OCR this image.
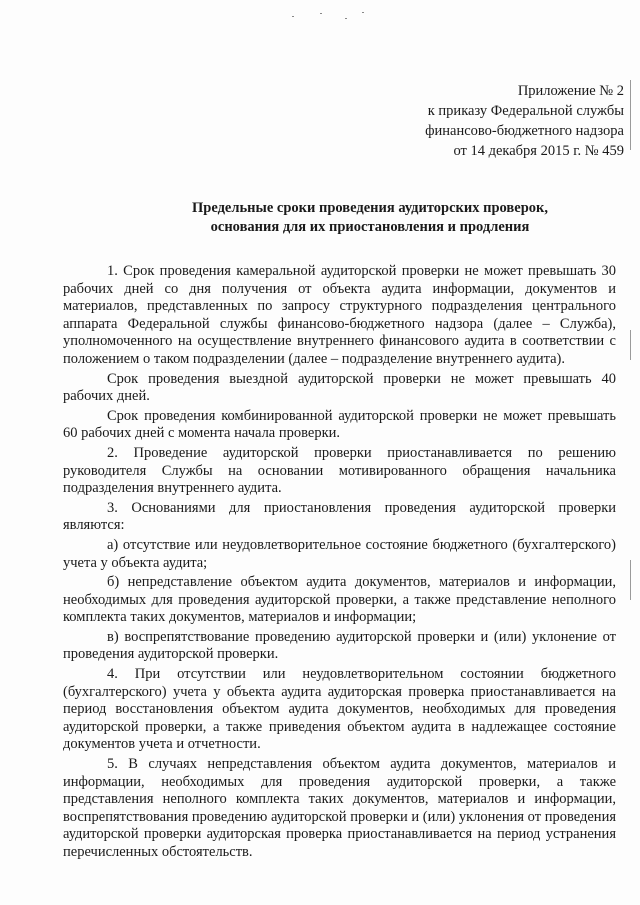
Приложение № 2
к приказу Федеральной службы
финансово-бюджетного надзора
от 14 декабря 2015 г. № 459
Предельные сроки проведения аудиторских проверок,
основания для их приостановления и продления

1. Срок проведения камеральной аудиторской проверки не может превышать 30 рабочих дней со дня получения от объекта аудита информации, документов и материалов, представленных по запросу структурного подразделения центрального аппарата Федеральной службы финансово-бюджетного надзора (далее – Служба), уполномоченного на осуществление внутреннего финансового аудита в соответствии с положением о таком подразделении (далее – подразделение внутреннего аудита).

Срок проведения выездной аудиторской проверки не может превышать 40 рабочих дней.

Срок проведения комбинированной аудиторской проверки не может превышать 60 рабочих дней с момента начала проверки.

2. Проведение аудиторской проверки приостанавливается по решению руководителя Службы на основании мотивированного обращения начальника подразделения внутреннего аудита.

3. Основаниями для приостановления проведения аудиторской проверки являются:

а) отсутствие или неудовлетворительное состояние бюджетного (бухгалтерского) учета у объекта аудита;

б) непредставление объектом аудита документов, материалов и информации, необходимых для проведения аудиторской проверки, а также представление неполного комплекта таких документов, материалов и информации;

в) воспрепятствование проведению аудиторской проверки и (или) уклонение от проведения аудиторской проверки.

4. При отсутствии или неудовлетворительном состоянии бюджетного (бухгалтерского) учета у объекта аудита аудиторская проверка приостанавливается на период восстановления объектом аудита документов, необходимых для проведения аудиторской проверки, а также приведения объектом аудита в надлежащее состояние документов учета и отчетности.

5. В случаях непредставления объектом аудита документов, материалов и информации, необходимых для проведения аудиторской проверки, а также представления неполного комплекта таких документов, материалов и информации, воспрепятствования проведению аудиторской проверки и (или) уклонения от проведения аудиторской проверки аудиторская проверка приостанавливается на период устранения перечисленных обстоятельств.
